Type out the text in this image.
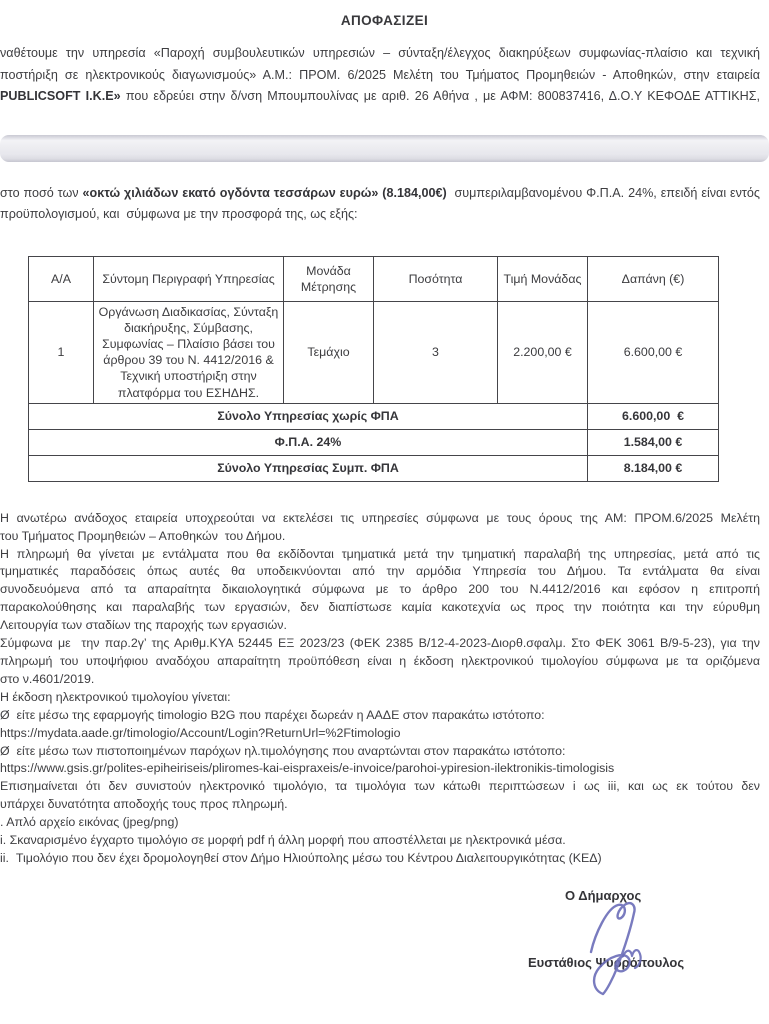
ΑΠΟΦΑΣΙΖΕΙ
ναθέτουμε την υπηρεσία «Παροχή συμβουλευτικών υπηρεσιών – σύνταξη/έλεγχος διακηρύξεων συμφωνίας-πλαίσιο και τεχνική
ποστήριξη σε ηλεκτρονικούς διαγωνισμούς» Α.Μ.: ΠΡΟΜ. 6/2025 Μελέτη του Τμήματος Προμηθειών - Αποθηκών, στην εταιρεία
PUBLICSOFT Ι.Κ.Ε» που εδρεύει στην δ/νση Μπουμπουλίνας με αριθ. 26 Αθήνα , με ΑΦΜ: 800837416, Δ.Ο.Υ ΚΕΦΟΔΕ ΑΤΤΙΚΗΣ,
στο ποσό των «οκτώ χιλιάδων εκατό ογδόντα τεσσάρων ευρώ» (8.184,00€)  συμπεριλαμβανομένου Φ.Π.Α. 24%, επειδή είναι εντός
προϋπολογισμού, και  σύμφωνα με την προσφορά της, ως εξής:
Α/Α	Σύντομη Περιγραφή Υπηρεσίας	Μονάδα Μέτρησης	Ποσότητα	Τιμή Μονάδας	Δαπάνη (€)
1	Οργάνωση Διαδικασίας, Σύνταξη διακήρυξης, Σύμβασης, Συμφωνίας – Πλαίσιο βάσει του άρθρου 39 του Ν. 4412/2016 & Τεχνική υποστήριξη στην πλατφόρμα του ΕΣΗΔΗΣ.	Τεμάχιο	3	2.200,00 €	6.600,00 €
Σύνολο Υπηρεσίας χωρίς ΦΠΑ					6.600,00  €
Φ.Π.Α. 24%					1.584,00 €
Σύνολο Υπηρεσίας Συμπ. ΦΠΑ					8.184,00 €
Η ανωτέρω ανάδοχος εταιρεία υποχρεούται να εκτελέσει τις υπηρεσίες σύμφωνα με τους όρους της ΑΜ: ΠΡΟΜ.6/2025 Μελέτη
του Τμήματος Προμηθειών – Αποθηκών  του Δήμου.
Η πληρωμή θα γίνεται με εντάλματα που θα εκδίδονται τμηματικά μετά την τμηματική παραλαβή της υπηρεσίας, μετά από τις
τμηματικές παραδόσεις όπως αυτές θα υποδεικνύονται από την αρμόδια Υπηρεσία του Δήμου. Τα εντάλματα θα είναι
συνοδευόμενα από τα απαραίτητα δικαιολογητικά σύμφωνα με το άρθρο 200 του Ν.4412/2016 και εφόσον η επιτροπή
παρακολούθησης και παραλαβής των εργασιών, δεν διαπίστωσε καμία κακοτεχνία ως προς την ποιότητα και την εύρυθμη
Λειτουργία των σταδίων της παροχής των εργασιών.
Σύμφωνα με  την παρ.2γ’ της Αριθμ.ΚΥΑ 52445 ΕΞ 2023/23 (ΦΕΚ 2385 Β/12-4-2023-Διορθ.σφαλμ. Στο ΦΕΚ 3061 Β/9-5-23), για την
πληρωμή του υποψήφιου αναδόχου απαραίτητη προϋπόθεση είναι η έκδοση ηλεκτρονικού τιμολογίου σύμφωνα με τα οριζόμενα
στο ν.4601/2019.
Η έκδοση ηλεκτρονικού τιμολογίου γίνεται:
Ø  είτε μέσω της εφαρμογής timologio B2G που παρέχει δωρεάν η ΑΑΔΕ στον παρακάτω ιστότοπο:
https://mydata.aade.gr/timologio/Account/Login?ReturnUrl=%2Ftimologio
Ø  είτε μέσω των πιστοποιημένων παρόχων ηλ.τιμολόγησης που αναρτώνται στον παρακάτω ιστότοπο:
https://www.gsis.gr/polites-epiheiriseis/pliromes-kai-eispraxeis/e-invoice/parohoi-ypiresion-ilektronikis-timologisis
Επισημαίνεται ότι δεν συνιστούν ηλεκτρονικό τιμολόγιο, τα τιμολόγια των κάτωθι περιπτώσεων i ως iii, και ως εκ τούτου δεν
υπάρχει δυνατότητα αποδοχής τους προς πληρωμή.
. Απλό αρχείο εικόνας (jpeg/png)
i. Σκαναρισμένο έγχαρτο τιμολόγιο σε μορφή pdf ή άλλη μορφή που αποστέλλεται με ηλεκτρονικά μέσα.
ii.  Τιμολόγιο που δεν έχει δρομολογηθεί στον Δήμο Ηλιούπολης μέσω του Κέντρου Διαλειτουργικότητας (ΚΕΔ)
Ο Δήμαρχος
Ευστάθιος Ψυρρόπουλος
